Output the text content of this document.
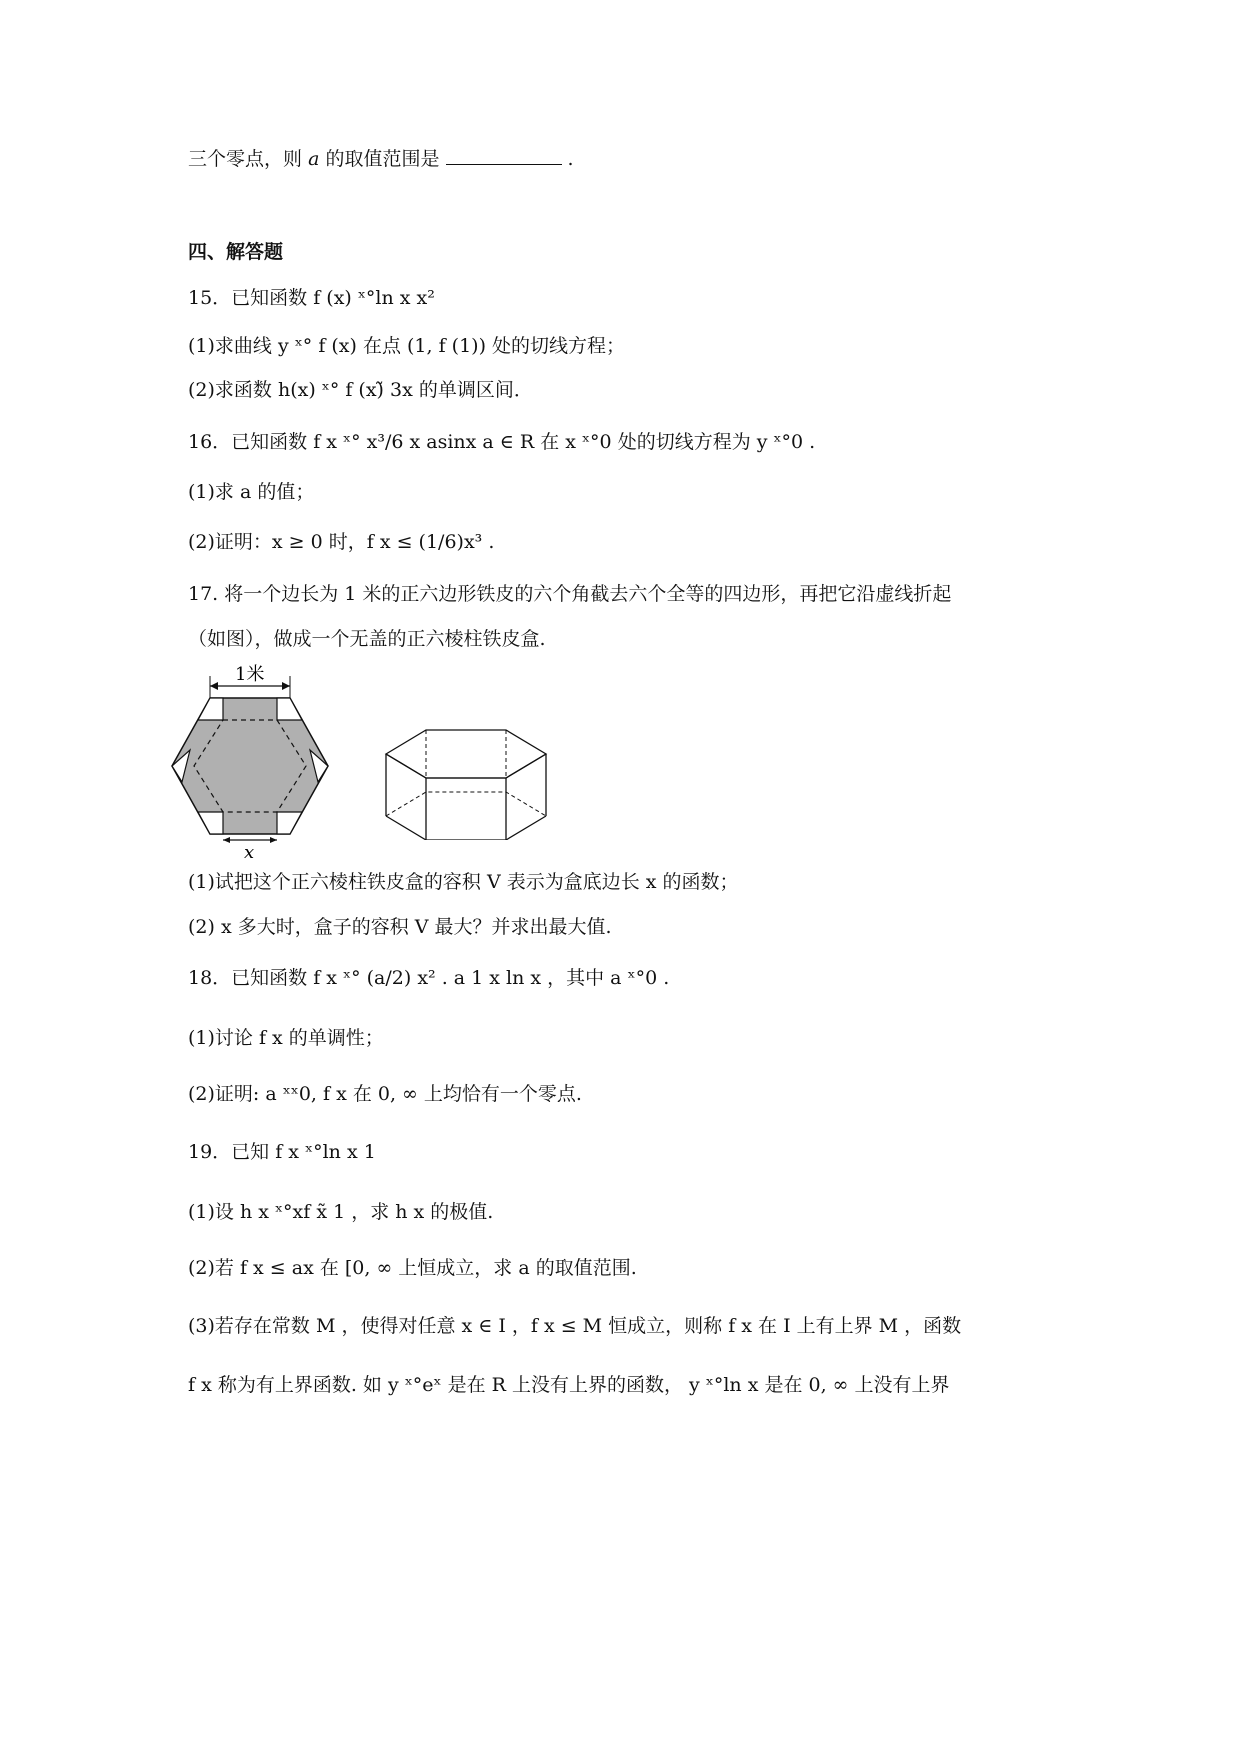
三个零点，则 a 的取值范围是	.
四、解答题
15．已知函数 f (x) ˣ°ln x x²
(1)求曲线 y ˣ° f (x) 在点 (1, f (1)) 处的切线方程；
(2)求函数 h(x) ˣ° f (x)̃ 3x 的单调区间．
16．已知函数 f x ˣ° x³/6 x asinx a ∈ R 在 x ˣ°0 处的切线方程为 y ˣ°0 .
(1)求 a 的值；
(2)证明：x ≥ 0 时，f x ≤ (1/6)x³ .
17. 将一个边长为 1 米的正六边形铁皮的六个角截去六个全等的四边形，再把它沿虚线折起
（如图），做成一个无盖的正六棱柱铁皮盒.
1米
x
(1)试把这个正六棱柱铁皮盒的容积 V 表示为盒底边长 x 的函数；
(2) x 多大时，盒子的容积 V 最大？并求出最大值.
18．已知函数 f x ˣ° (a/2) x² . a 1 x ln x ，其中 a ˣ°0 .
(1)讨论 f x 的单调性；
(2)证明: a ˣˣ0, f x 在 0, ∞ 上均恰有一个零点.
19．已知 f x ˣ°ln x 1
(1)设 h x ˣ°xf x̃ 1 ，求 h x 的极值.
(2)若 f x ≤ ax 在 [0, ∞ 上恒成立，求 a 的取值范围.
(3)若存在常数 M ，使得对任意 x ∈ I ，f x ≤ M 恒成立，则称 f x 在 I 上有上界 M ，函数
f x 称为有上界函数. 如 y ˣ°eˣ 是在 R 上没有上界的函数， y ˣ°ln x 是在 0, ∞ 上没有上界
